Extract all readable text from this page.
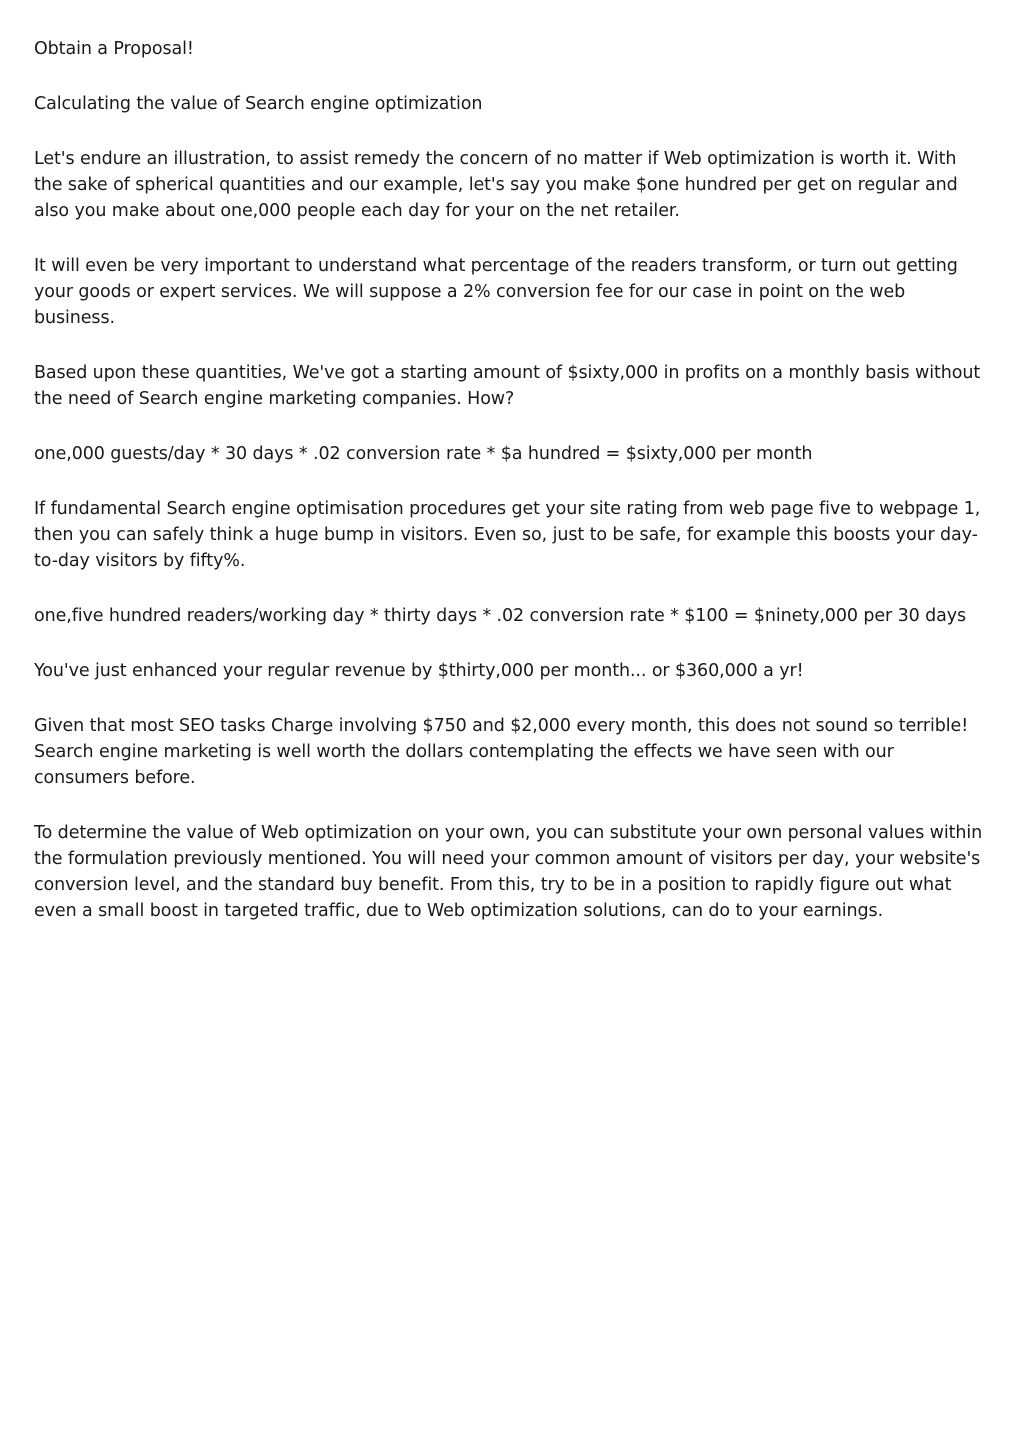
Obtain a Proposal!

Calculating the value of Search engine optimization

Let's endure an illustration, to assist remedy the concern of no matter if Web optimization is worth it. With the sake of spherical quantities and our example, let's say you make $one hundred per get on regular and also you make about one,000 people each day for your on the net retailer.

It will even be very important to understand what percentage of the readers transform, or turn out getting your goods or expert services. We will suppose a 2% conversion fee for our case in point on the web business.

Based upon these quantities, We've got a starting amount of $sixty,000 in profits on a monthly basis without the need of Search engine marketing companies. How?

one,000 guests/day * 30 days * .02 conversion rate * $a hundred = $sixty,000 per month

If fundamental Search engine optimisation procedures get your site rating from web page five to webpage 1, then you can safely think a huge bump in visitors. Even so, just to be safe, for example this boosts your day-to-day visitors by fifty%.

one,five hundred readers/working day * thirty days * .02 conversion rate * $100 = $ninety,000 per 30 days

You've just enhanced your regular revenue by $thirty,000 per month... or $360,000 a yr!

Given that most SEO tasks Charge involving $750 and $2,000 every month, this does not sound so terrible! Search engine marketing is well worth the dollars contemplating the effects we have seen with our consumers before.

To determine the value of Web optimization on your own, you can substitute your own personal values within the formulation previously mentioned. You will need your common amount of visitors per day, your website's conversion level, and the standard buy benefit. From this, try to be in a position to rapidly figure out what even a small boost in targeted traffic, due to Web optimization solutions, can do to your earnings.
